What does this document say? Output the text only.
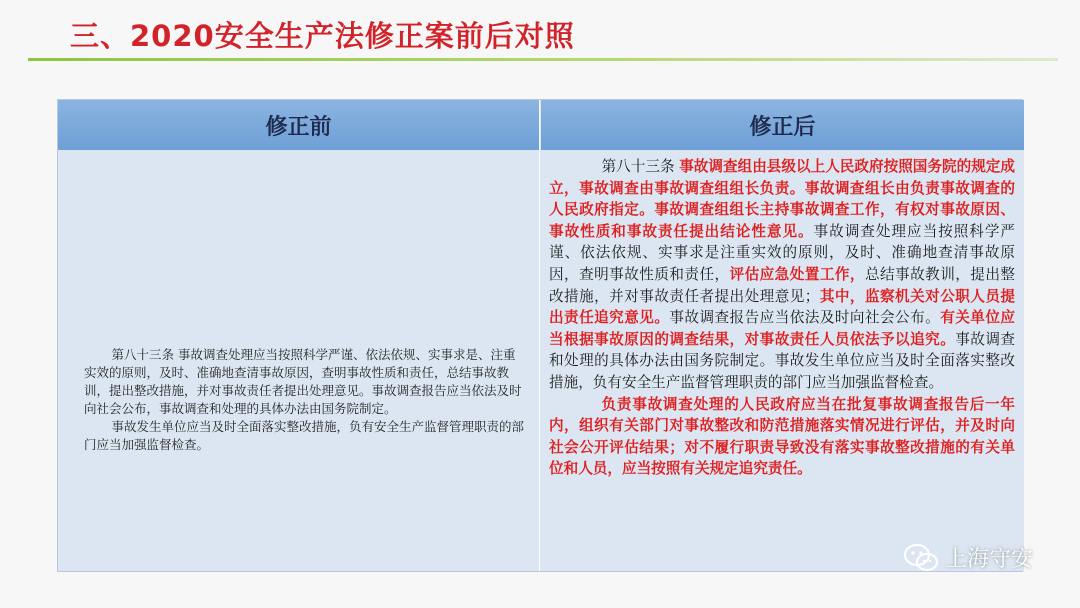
三、2020安全生产法修正案前后对照
修正前	修正后

第八十三条 事故调查处理应当按照科学严谨、依法依规、实事求是、注重实效的原则，及时、准确地查清事故原因，查明事故性质和责任，总结事故教训，提出整改措施，并对事故责任者提出处理意见。事故调查报告应当依法及时向社会公布，事故调查和处理的具体办法由国务院制定。

事故发生单位应当及时全面落实整改措施，负有安全生产监督管理职责的部门应当加强监督检查。

第八十三条 事故调查组由县级以上人民政府按照国务院的规定成立，事故调查由事故调查组组长负责。事故调查组长由负责事故调查的人民政府指定。事故调查组组长主持事故调查工作，有权对事故原因、事故性质和事故责任提出结论性意见。事故调查处理应当按照科学严谨、依法依规、实事求是注重实效的原则，及时、准确地查清事故原因，查明事故性质和责任，评估应急处置工作，总结事故教训，提出整改措施，并对事故责任者提出处理意见；其中，监察机关对公职人员提出责任追究意见。事故调查报告应当依法及时向社会公布。有关单位应当根据事故原因的调查结果，对事故责任人员依法予以追究。事故调查和处理的具体办法由国务院制定。事故发生单位应当及时全面落实整改措施，负有安全生产监督管理职责的部门应当加强监督检查。

负责事故调查处理的人民政府应当在批复事故调查报告后一年内，组织有关部门对事故整改和防范措施落实情况进行评估，并及时向社会公开评估结果；对不履行职责导致没有落实事故整改措施的有关单位和人员，应当按照有关规定追究责任。

上海守安
